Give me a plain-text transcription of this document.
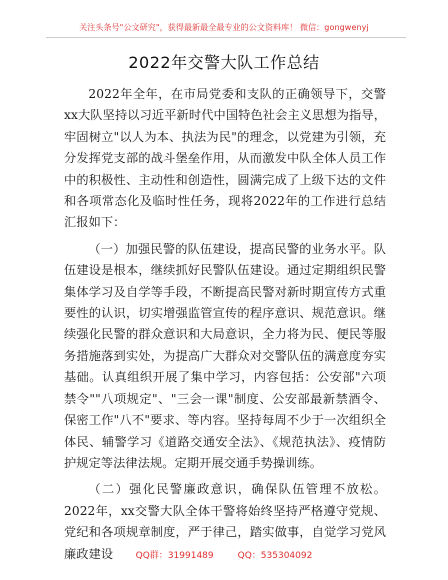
关注头条号"公文研究"，获得最新最全最专业的公文资料库！ 微信：gongwenyj
2022年交警大队工作总结

2022年全年，在市局党委和支队的正确领导下，交警xx大队坚持以习近平新时代中国特色社会主义思想为指导，牢固树立"以人为本、执法为民"的理念，以党建为引领，充分发挥党支部的战斗堡垒作用，从而激发中队全体人员工作中的积极性、主动性和创造性，圆满完成了上级下达的文件和各项常态化及临时性任务，现将2022年的工作进行总结汇报如下：

（一）加强民警的队伍建设，提高民警的业务水平。队伍建设是根本，继续抓好民警队伍建设。通过定期组织民警集体学习及自学等手段，不断提高民警对新时期宣传方式重要性的认识，切实增强监管宣传的程序意识、规范意识。继续强化民警的群众意识和大局意识，全力将为民、便民等服务措施落到实处，为提高广大群众对交警队伍的满意度夯实基础。认真组织开展了集中学习，内容包括：公安部"六项禁令""八项规定"、"三会一课"制度、公安部最新禁酒令、保密工作"八不"要求、等内容。坚持每周不少于一次组织全体民、辅警学习《道路交通安全法》、《规范执法》、疫情防护规定等法律法规。定期开展交通手势操训练。

（二）强化民警廉政意识，确保队伍管理不放松。2022年，xx交警大队全体干警将始终坚持严格遵守党规、党纪和各项规章制度，严于律己，踏实做事，自觉学习党风廉政建设	QQ群：31991489	QQ：535304092
